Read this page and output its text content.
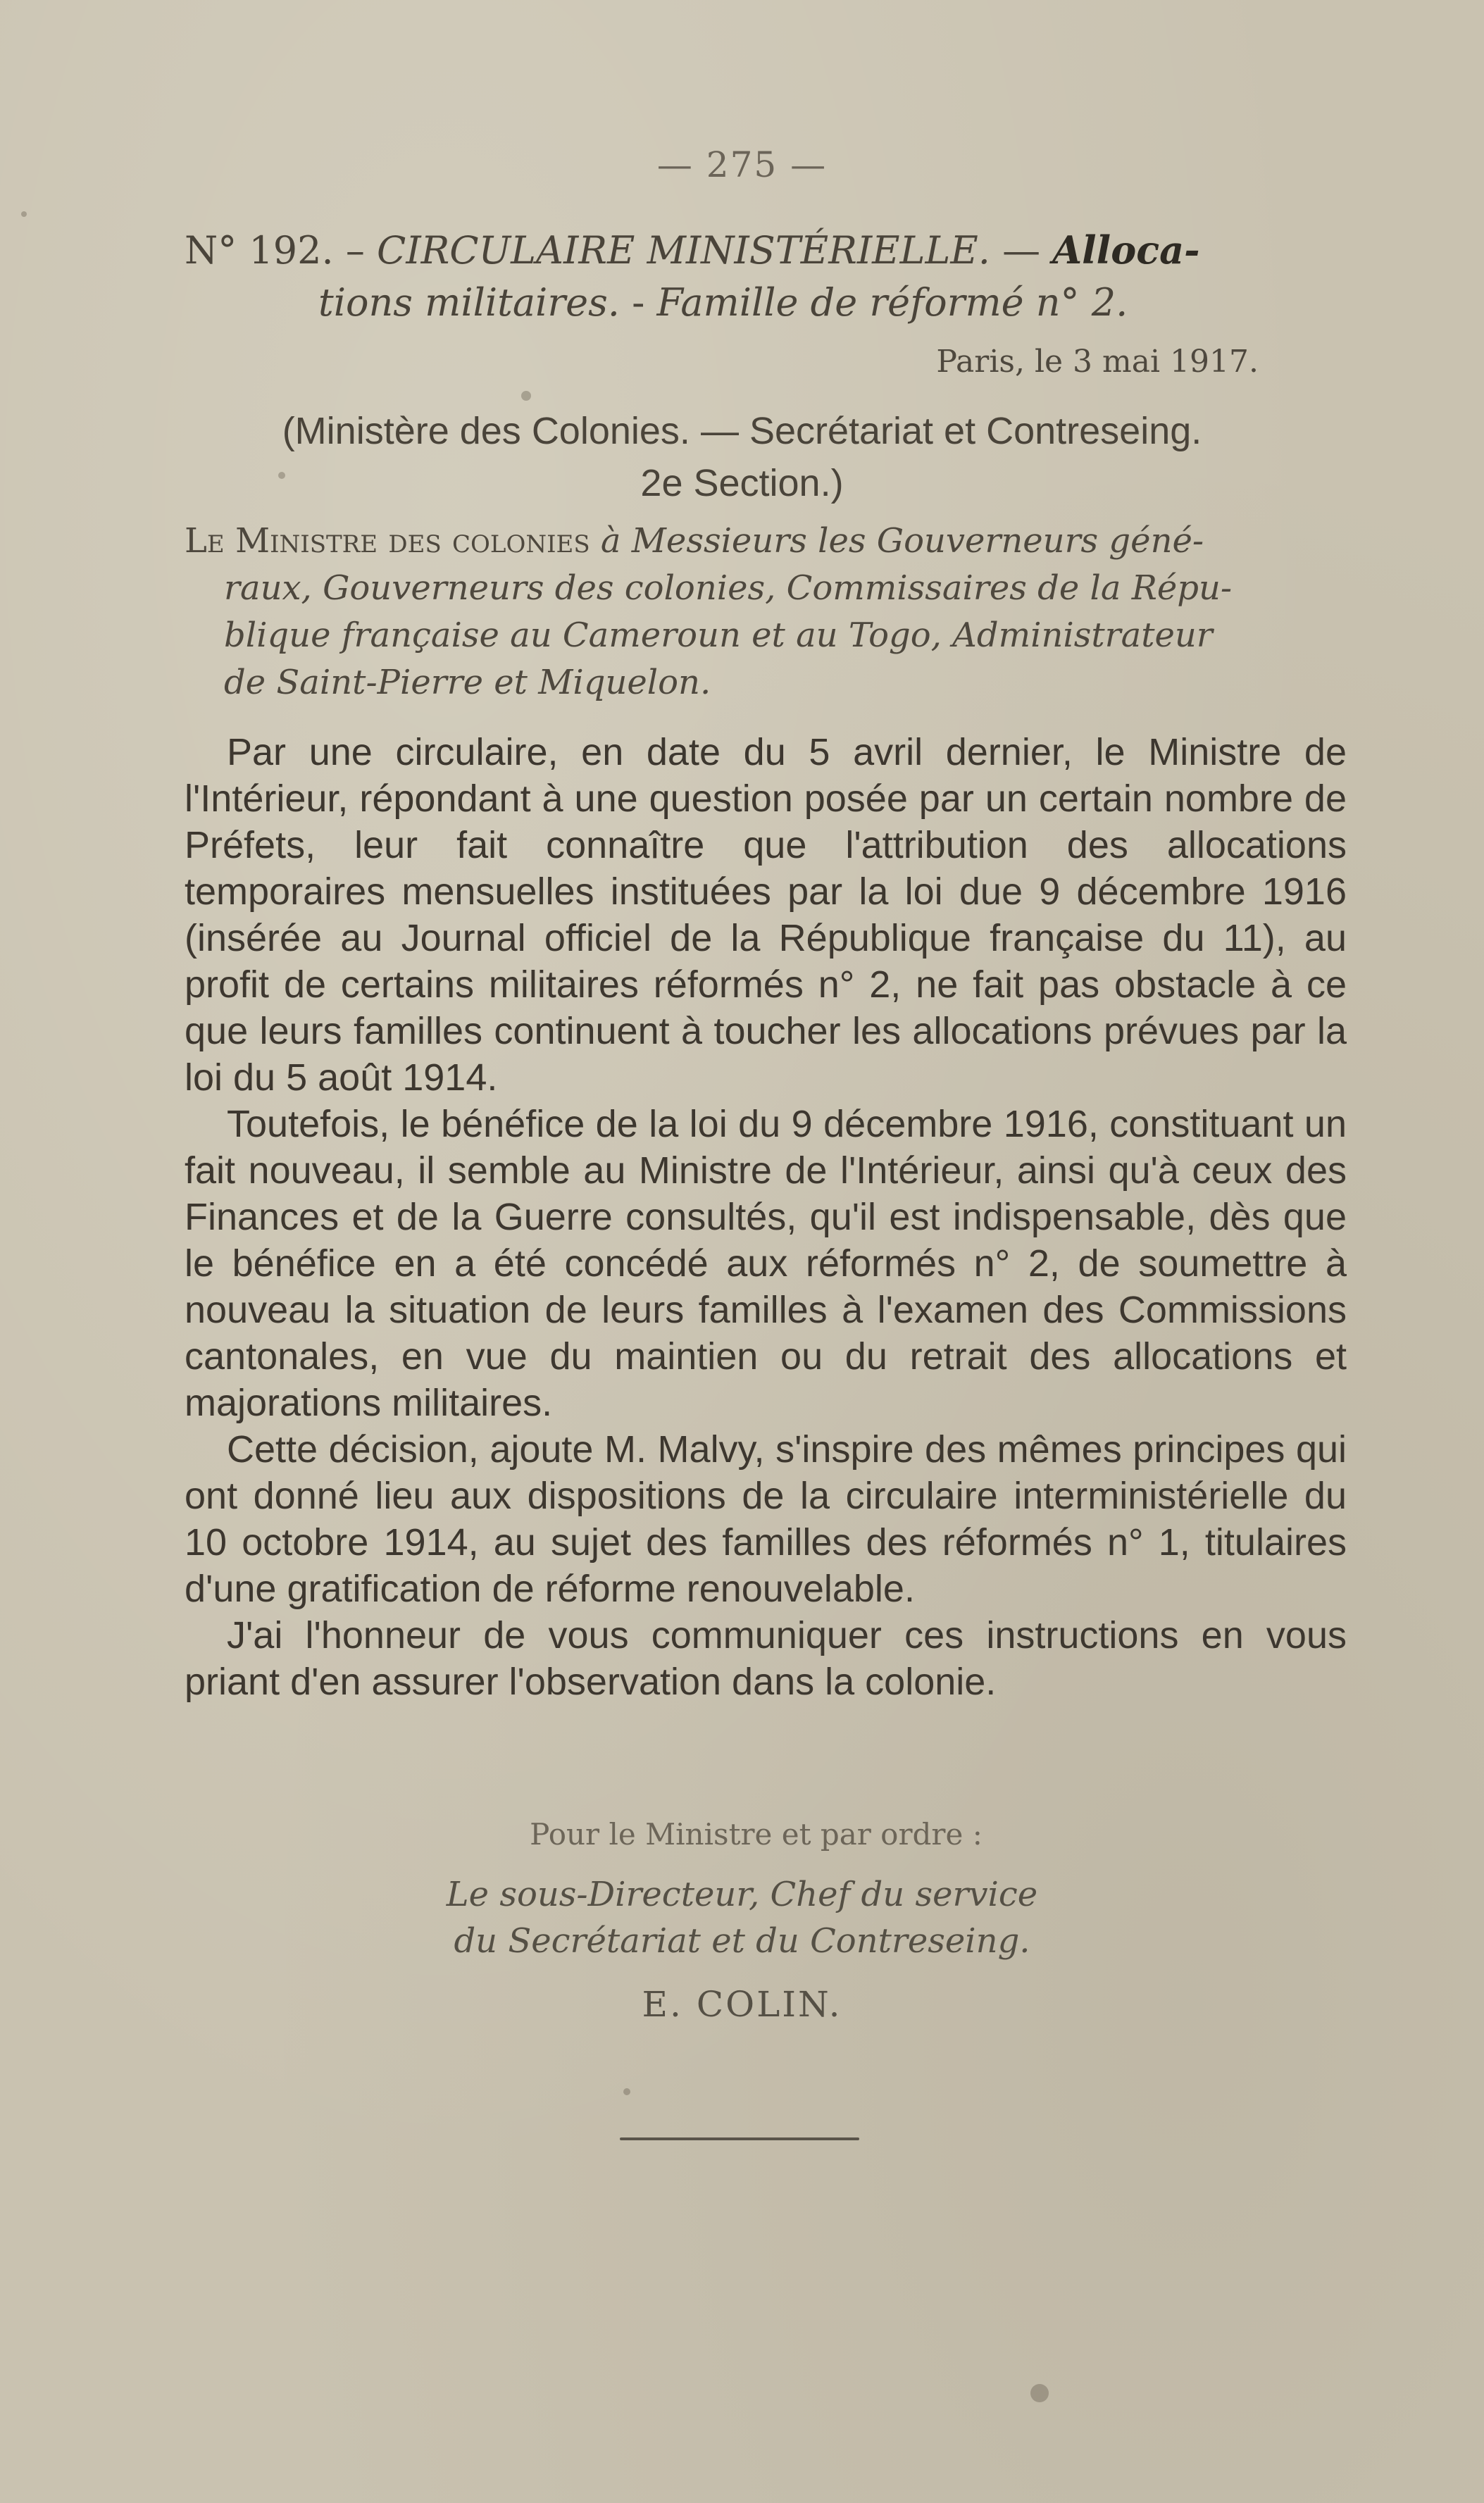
— 275 —
N° 192. – CIRCULAIRE MINISTÉRIELLE. — Alloca-
tions militaires. - Famille de réformé n° 2.
Paris, le 3 mai 1917.
(Ministère des Colonies. — Secrétariat et Contreseing.
2e Section.)
Le Ministre des colonies à Messieurs les Gouverneurs géné-
raux, Gouverneurs des colonies, Commissaires de la Répu-
blique française au Cameroun et au Togo, Administrateur
de Saint-Pierre et Miquelon.

Par une circulaire, en date du 5 avril dernier, le Ministre de l'Intérieur, répondant à une question posée par un certain nombre de Préfets, leur fait connaître que l'attribution des allocations temporaires mensuelles instituées par la loi due 9 décembre 1916 (insérée au Journal officiel de la République française du 11), au profit de certains militaires réformés n° 2, ne fait pas obstacle à ce que leurs familles continuent à toucher les allocations prévues par la loi du 5 août 1914.

Toutefois, le bénéfice de la loi du 9 décembre 1916, constituant un fait nouveau, il semble au Ministre de l'Intérieur, ainsi qu'à ceux des Finances et de la Guerre consultés, qu'il est indispensable, dès que le bénéfice en a été concédé aux réformés n° 2, de soumettre à nouveau la situation de leurs familles à l'examen des Commissions cantonales, en vue du maintien ou du retrait des allocations et majorations militaires.

Cette décision, ajoute M. Malvy, s'inspire des mêmes principes qui ont donné lieu aux dispositions de la circulaire interministérielle du 10 octobre 1914, au sujet des familles des réformés n° 1, titulaires d'une gratification de réforme renouvelable.

J'ai l'honneur de vous communiquer ces instructions en vous priant d'en assurer l'observation dans la colonie.

Pour le Ministre et par ordre :
Le sous-Directeur, Chef du service
du Secrétariat et du Contreseing.
E. COLIN.
